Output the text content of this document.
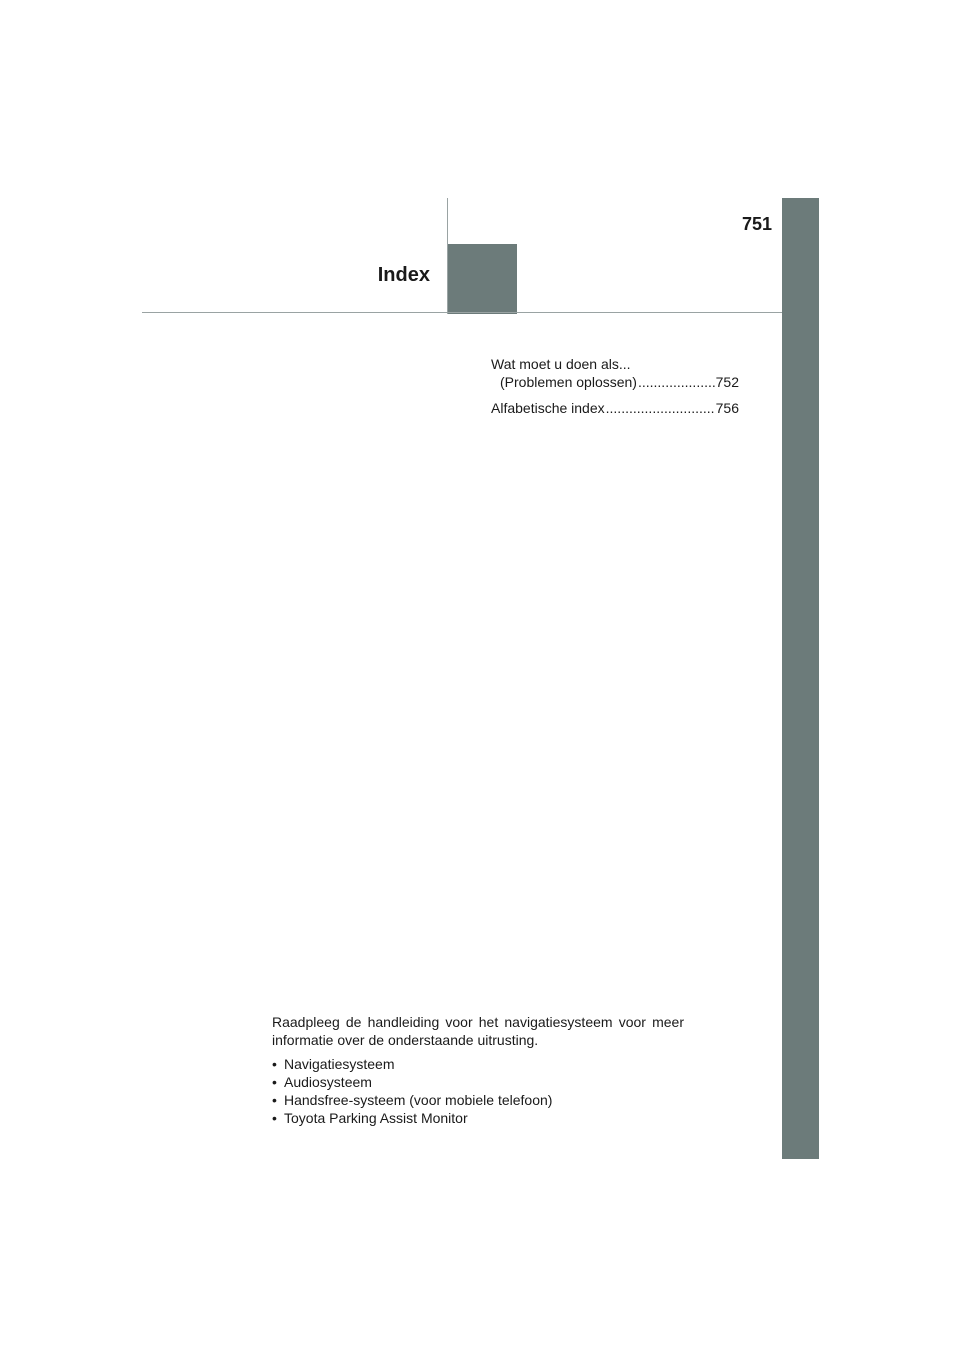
751
Index
Wat moet u doen als...
(Problemen oplossen) .....	752
Alfabetische index .....	756

Raadpleeg de handleiding voor het navigatiesysteem voor meer informatie over de onderstaande uitrusting.

• Navigatiesysteem
• Audiosysteem
• Handsfree-systeem (voor mobiele telefoon)
• Toyota Parking Assist Monitor
